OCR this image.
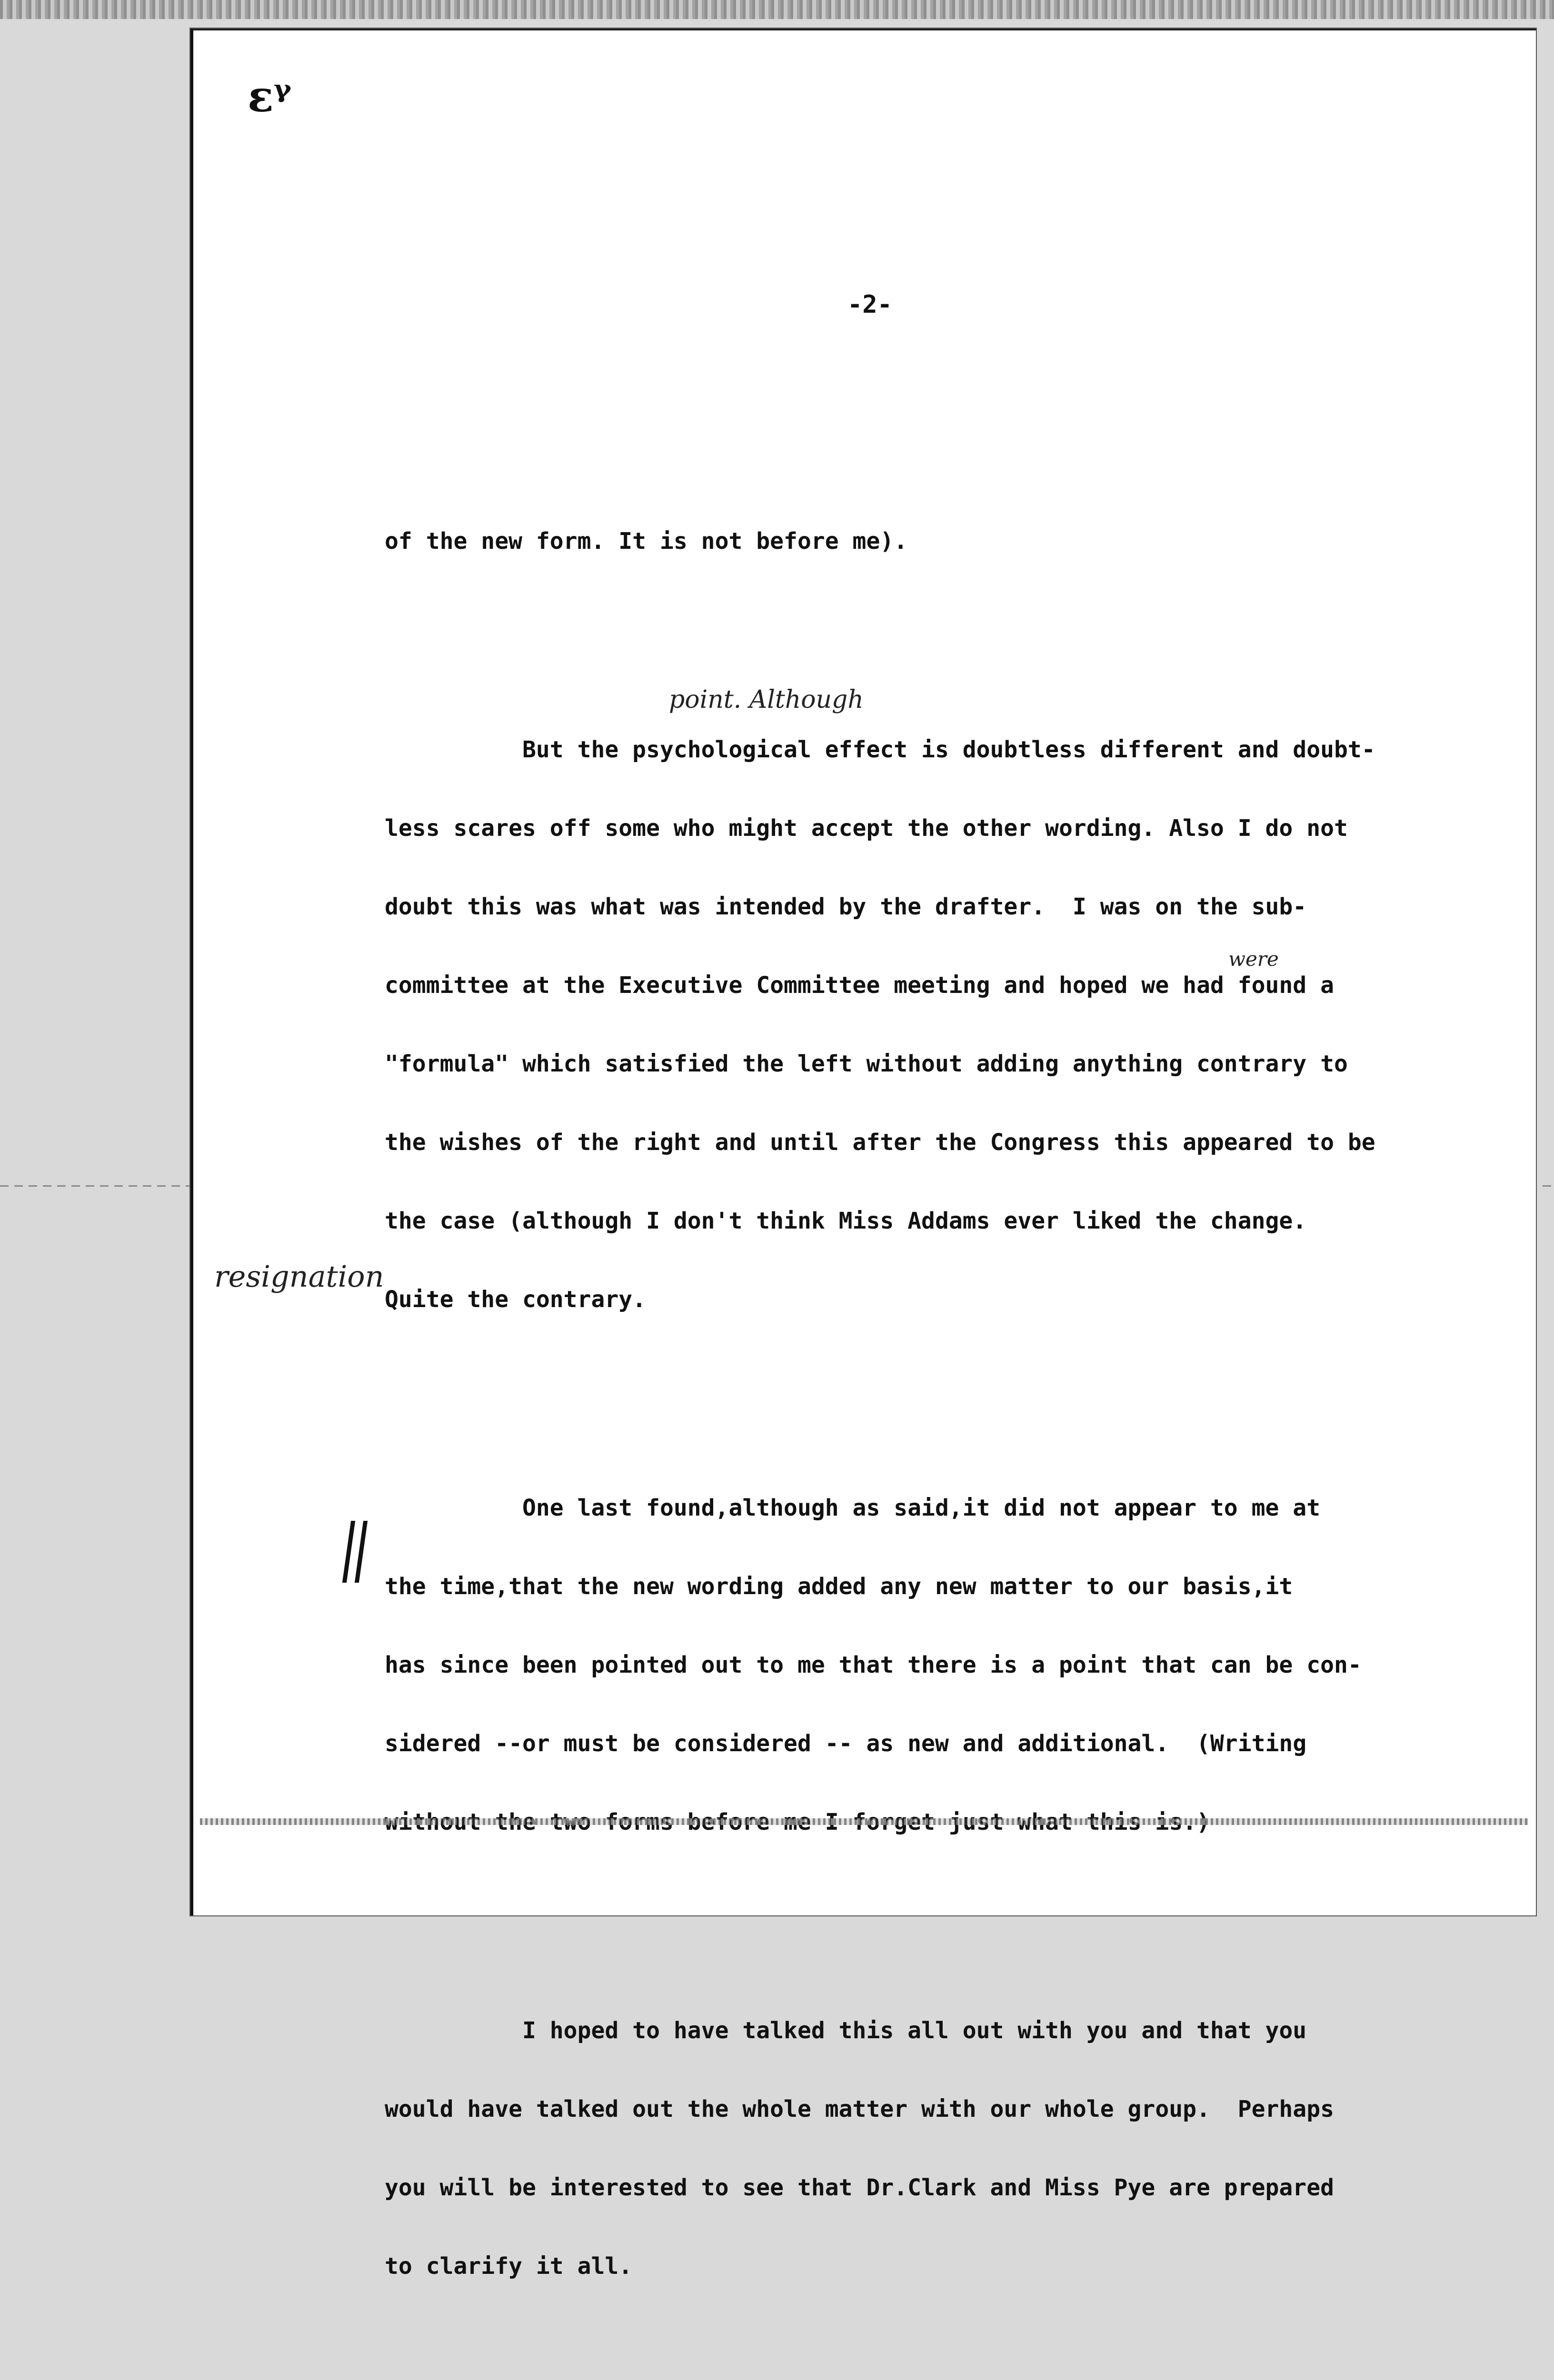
ɛᵞ
-2-

of the new form. It is not before me).

But the psychological effect is doubtless different and doubt-

less scares off some who might accept the other wording. Also I do not

doubt this was what was intended by the drafter.  I was on the sub-

committee at the Executive Committee meeting and hoped we had found a

"formula" which satisfied the left without adding anything contrary to

the wishes of the right and until after the Congress this appeared to be

the case (although I don't think Miss Addams ever liked the change.

Quite the contrary.

One last found,although as said,it did not appear to me at

the time,that the new wording added any new matter to our basis,it

has since been pointed out to me that there is a point that can be con-

sidered --or must be considered -- as new and additional.  (Writing

I hoped to have talked this all out with you and that you

would have talked out the whole matter with our whole group.  Perhaps

you will be interested to see that Dr.Clark and Miss Pye are prepared

to clarify it all.

point. Although
were
resignation
